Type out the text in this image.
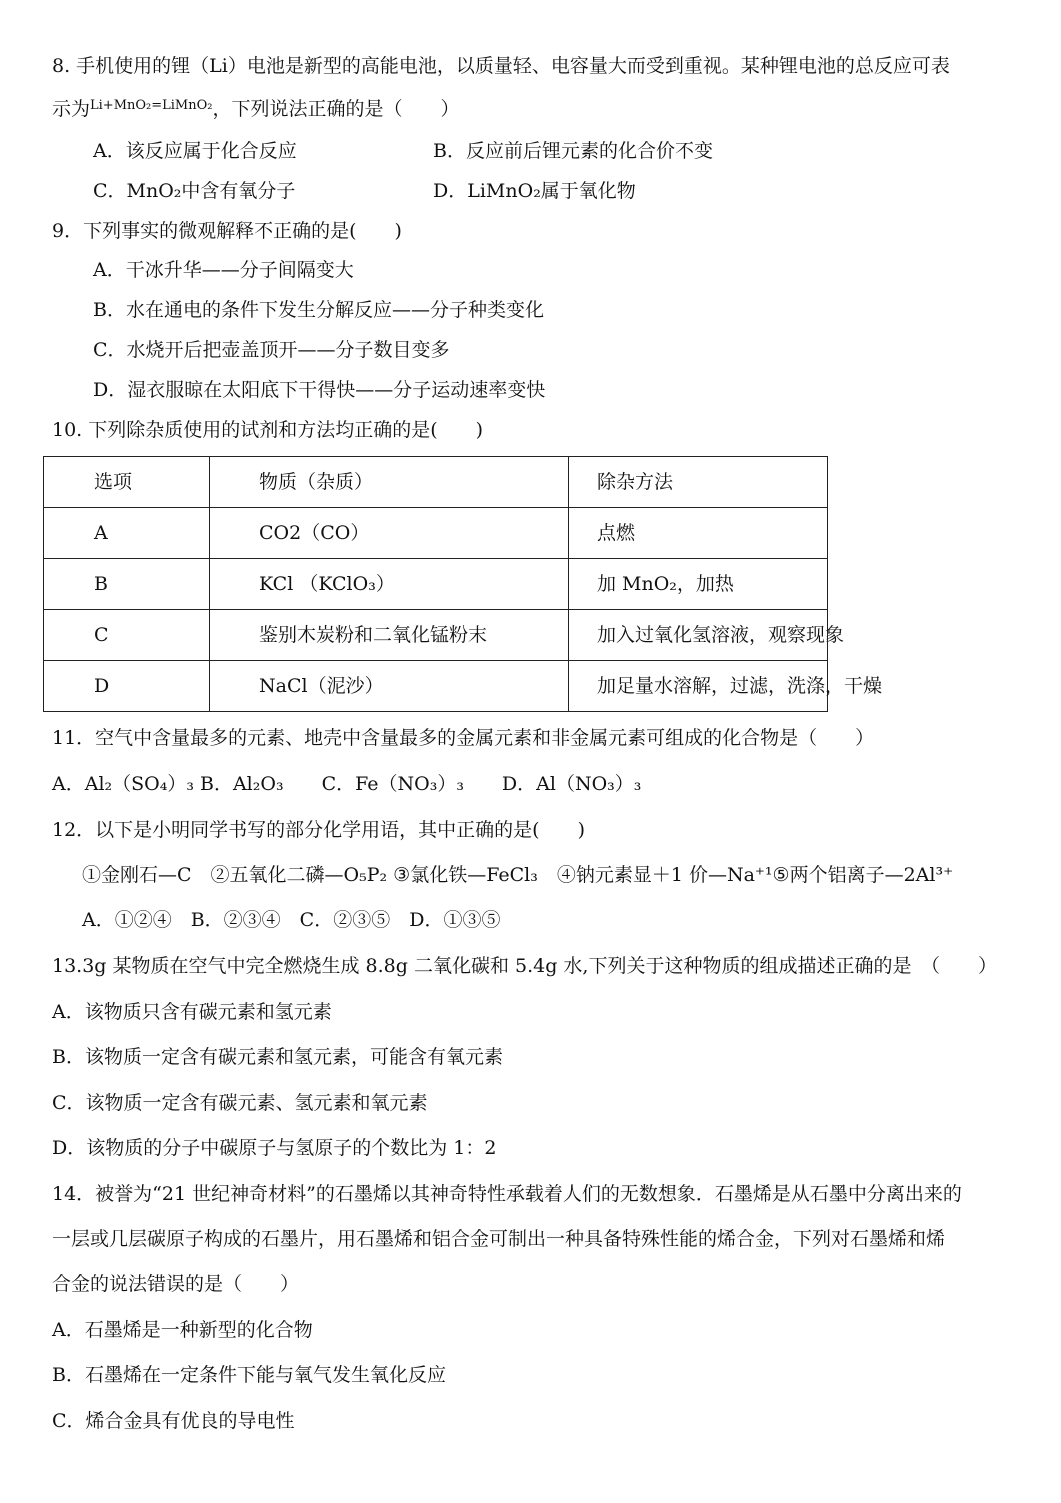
8. 手机使用的锂（Li）电池是新型的高能电池，以质量轻、电容量大而受到重视。某种锂电池的总反应可表
示为$^{Li+MnO_2=LiMnO_2}$，下列说法正确的是（　　）
A．该反应属于化合反应	B．反应前后锂元素的化合价不变
C．MnO₂中含有氧分子	D．LiMnO₂属于氧化物
9．下列事实的微观解释不正确的是(　　)
A．干冰升华——分子间隔变大
B．水在通电的条件下发生分解反应——分子种类变化
C．水烧开后把壶盖顶开——分子数目变多
D．湿衣服晾在太阳底下干得快——分子运动速率变快
10. 下列除杂质使用的试剂和方法均正确的是(　　)
选项	物质（杂质）	除杂方法
A	CO2（CO）	点燃
B	KCl （KClO₃）	加 MnO₂，加热
C	鉴别木炭粉和二氧化锰粉末	加入过氧化氢溶液，观察现象
D	NaCl（泥沙）	加足量水溶解，过滤，洗涤，干燥
11．空气中含量最多的元素、地壳中含量最多的金属元素和非金属元素可组成的化合物是（　　）
A．Al₂（SO₄）₃ B．Al₂O₃　　C．Fe（NO₃）₃　　D．Al（NO₃）₃
12．以下是小明同学书写的部分化学用语，其中正确的是(　　)
①金刚石—C　②五氧化二磷—O₅P₂ ③氯化铁—FeCl₃　④钠元素显＋1 价—Na⁺¹⑤两个铝离子—2Al³⁺
A．①②④　B．②③④　C．②③⑤　D．①③⑤
13.3g 某物质在空气中完全燃烧生成 8.8g 二氧化碳和 5.4g 水,下列关于这种物质的组成描述正确的是　（　　）
A．该物质只含有碳元素和氢元素
B．该物质一定含有碳元素和氢元素，可能含有氧元素
C．该物质一定含有碳元素、氢元素和氧元素
D．该物质的分子中碳原子与氢原子的个数比为 1：2
14．被誉为“21 世纪神奇材料”的石墨烯以其神奇特性承载着人们的无数想象．石墨烯是从石墨中分离出来的
一层或几层碳原子构成的石墨片，用石墨烯和铝合金可制出一种具备特殊性能的烯合金，下列对石墨烯和烯
合金的说法错误的是（　　）
A．石墨烯是一种新型的化合物
B．石墨烯在一定条件下能与氧气发生氧化反应
C．烯合金具有优良的导电性
